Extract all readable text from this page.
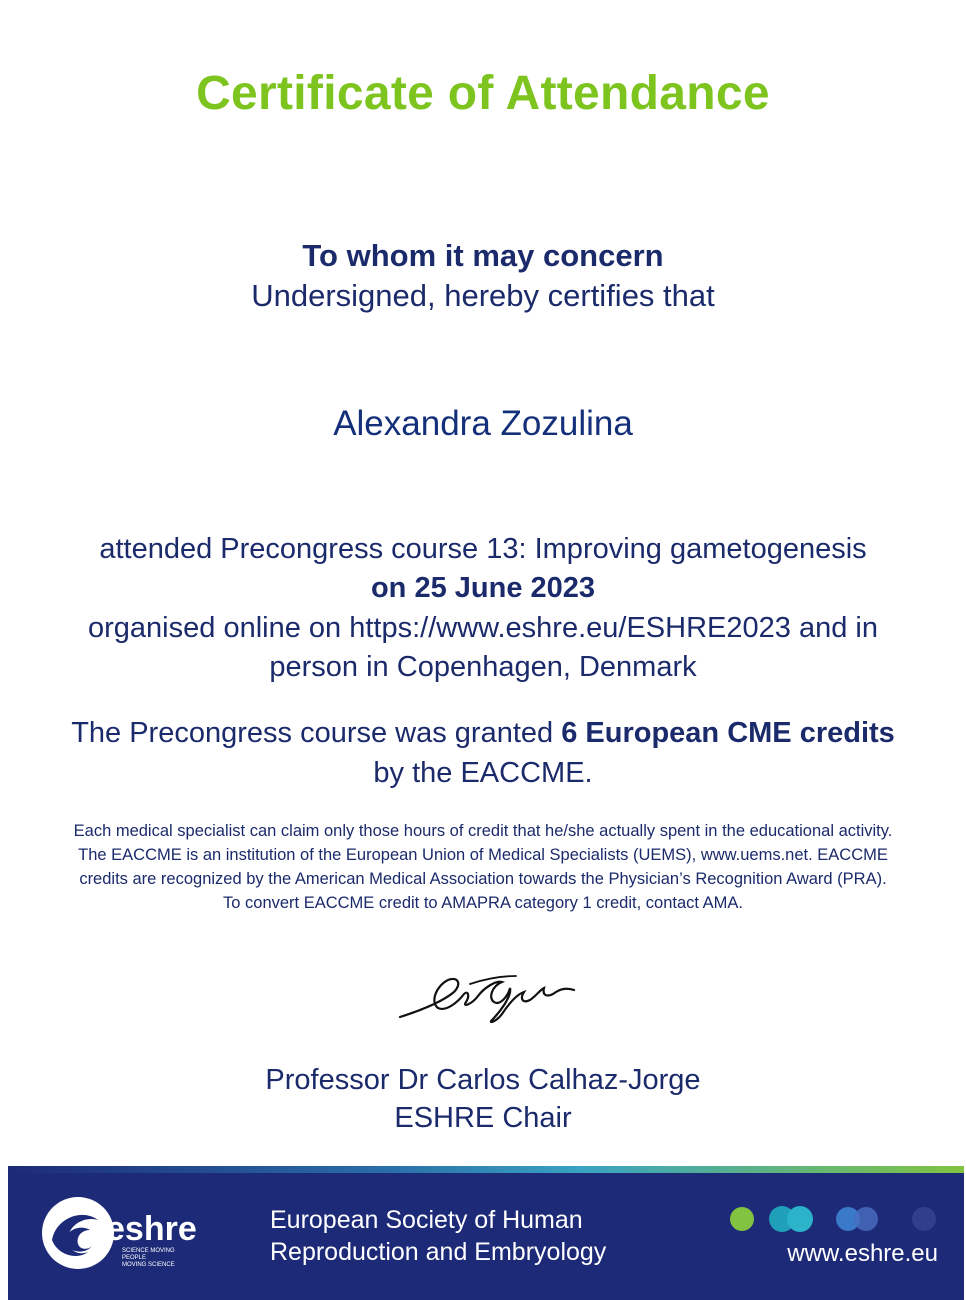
Certificate of Attendance
To whom it may concern
Undersigned, hereby certifies that
Alexandra Zozulina
attended Precongress course 13: Improving gametogenesis
on 25 June 2023
organised online on https://www.eshre.eu/ESHRE2023 and in
person in Copenhagen, Denmark
The Precongress course was granted 6 European CME credits
by the EACCME.
Each medical specialist can claim only those hours of credit that he/she actually spent in the educational activity.
The EACCME is an institution of the European Union of Medical Specialists (UEMS), www.uems.net. EACCME
credits are recognized by the American Medical Association towards the Physician’s Recognition Award (PRA).
To convert EACCME credit to AMAPRA category 1 credit, contact AMA.
Professor Dr Carlos Calhaz-Jorge
ESHRE Chair
eshre
SCIENCE MOVING
PEOPLE
MOVING SCIENCE
European Society of Human
Reproduction and Embryology	www.eshre.eu
